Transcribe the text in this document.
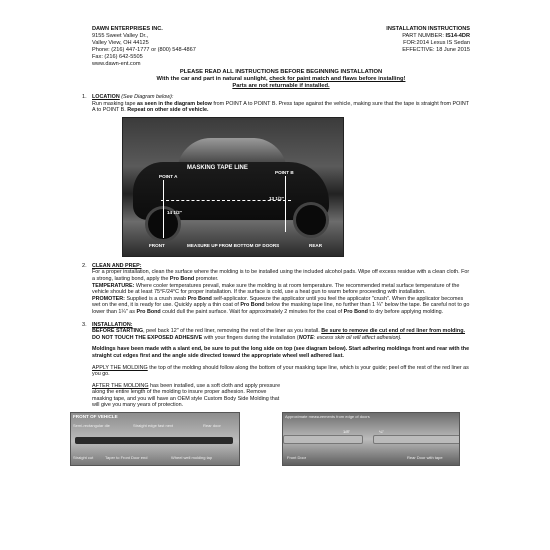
DAWN ENTERPRISES INC.
9155 Sweet Valley Dr.,
Valley View, OH 44125
Phone: (216) 447-1777 or (800) 548-4867
Fax: (216) 642-5505
www.dawn-ent.com
INSTALLATION INSTRUCTIONS
PART NUMBER: IS14-4DR
FOR:2014 Lexus IS Sedan
EFFECTIVE: 18 June 2015
PLEASE READ ALL INSTRUCTIONS BEFORE BEGINNING INSTALLATION
With the car and part in natural sunlight, check for paint match and flaws before installing!
Parts are not returnable if installed.
1. LOCATION (See Diagram below):

Run masking tape as seen in the diagram below from POINT A to POINT B. Press tape against the vehicle, making sure that the tape is straight from POINT A to POINT B. Repeat on other side of vehicle.

MASKING TAPE LINE
POINT A
POINT B
14 1/2"
13 1/2"
FRONT	MEASURE UP FROM BOTTOM OF DOORS	REAR
2. CLEAN AND PREP:

For a proper installation, clean the surface where the molding is to be installed using the included alcohol pads. Wipe off excess residue with a clean cloth. For a strong, lasting bond, apply the Pro Bond promoter.

TEMPERATURE: Where cooler temperatures prevail, make sure the molding is at room temperature. The recommended metal surface temperature of the vehicle should be at least 75°F/24°C for proper installation. If the surface is cold, use a heat gun to warm before proceeding with installation.

PROMOTER: Supplied is a crush swab Pro Bond self-applicator. Squeeze the applicator until you feel the applicator "crush". When the applicator becomes wet on the end, it is ready for use. Quickly apply a thin coat of Pro Bond below the masking tape line, no further than 1 ¼" below the tape. Be careful not to go lower than 1¼" as Pro Bond could dull the paint surface. Wait for approximately 2 minutes for the coat of Pro Bond to dry before applying molding.

3. INSTALLATION:

BEFORE STARTING, peel back 12" of the red liner, removing the rest of the liner as you install. Be sure to remove die cut end of red liner from molding. DO NOT TOUCH THE EXPOSED ADHESIVE with your fingers during the installation (NOTE: excess skin oil will affect adhesion).

Moldings have been made with a slant end, be sure to put the long side on top (see diagram below). Start adhering moldings front and rear with the straight cut edges first and the angle side directed toward the appropriate wheel well adhered last.

APPLY THE MOLDING the top of the molding should follow along the bottom of your masking tape line, which is your guide; peel off the rest of the red liner as you go.

AFTER THE MOLDING has been installed, use a soft cloth and apply pressure along the entire length of the molding to insure proper adhesion. Remove masking tape, and you will have an OEM style Custom Body Side Molding that will give you many years of protection.

FRONT OF VEHICLE
Semi-rectangular die	Straight edge fast next	Rear door
Straight cut	Taper to Front Door end	Wheel well molding tap
Approximate measurements from edge of doors
1/8"	¼"
Front Door	Rear Door with tape
